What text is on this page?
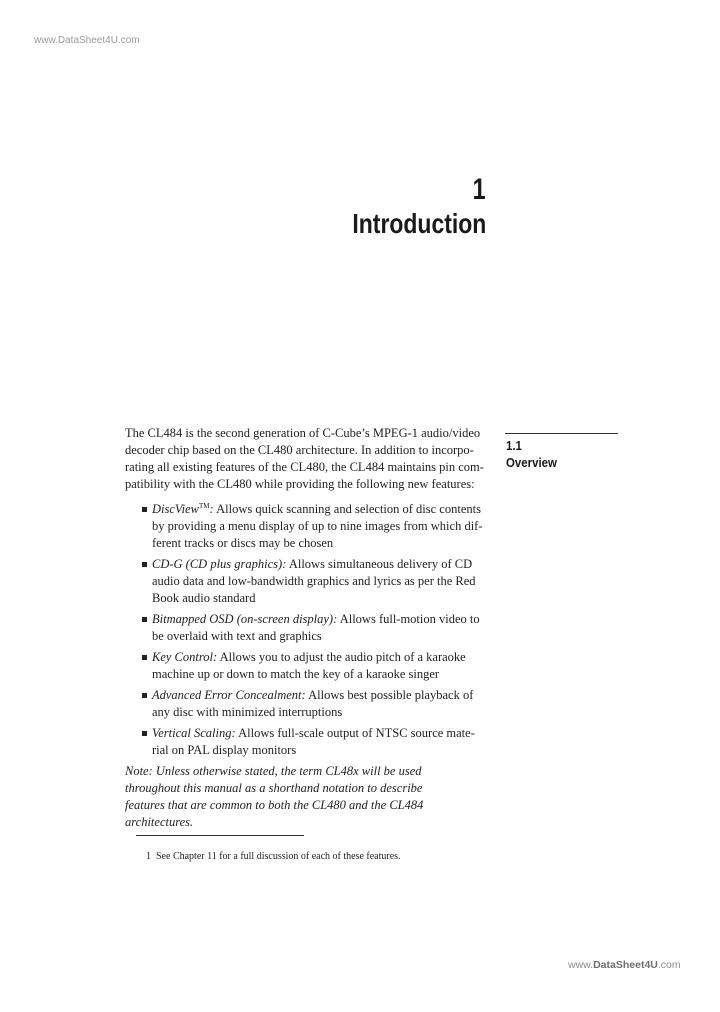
www.DataSheet4U.com
1
Introduction
1.1
Overview

The CL484 is the second generation of C-Cube’s MPEG-1 audio/video
decoder chip based on the CL480 architecture. In addition to incorpo-
rating all existing features of the CL480, the CL484 maintains pin com-
patibility with the CL480 while providing the following new features:

DiscView™: Allows quick scanning and selection of disc contents
by providing a menu display of up to nine images from which dif-
ferent tracks or discs may be chosen
CD-G (CD plus graphics): Allows simultaneous delivery of CD
audio data and low-bandwidth graphics and lyrics as per the Red
Book audio standard
Bitmapped OSD (on-screen display): Allows full-motion video to
be overlaid with text and graphics
Key Control: Allows you to adjust the audio pitch of a karaoke
machine up or down to match the key of a karaoke singer
Advanced Error Concealment: Allows best possible playback of
any disc with minimized interruptions
Vertical Scaling: Allows full-scale output of NTSC source mate-
rial on PAL display monitors

Note: Unless otherwise stated, the term CL48x will be used
throughout this manual as a shorthand notation to describe
features that are common to both the CL480 and the CL484
architectures.

1 See Chapter 11 for a full discussion of each of these features.
www.DataSheet4U.com
